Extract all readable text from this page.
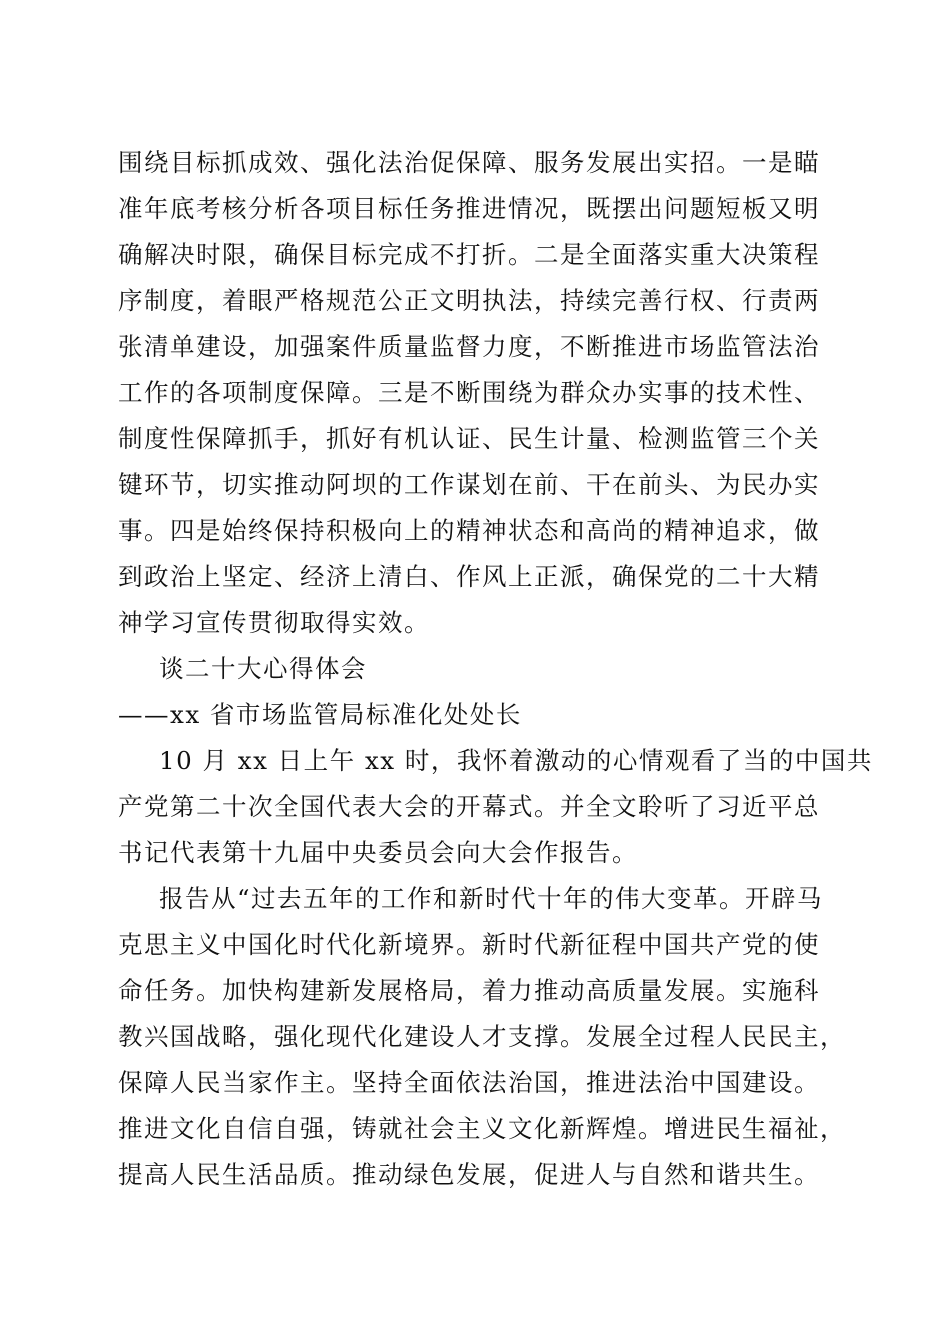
围绕目标抓成效、强化法治促保障、服务发展出实招。一是瞄
准年底考核分析各项目标任务推进情况，既摆出问题短板又明
确解决时限，确保目标完成不打折。二是全面落实重大决策程
序制度，着眼严格规范公正文明执法，持续完善行权、行责两
张清单建设，加强案件质量监督力度，不断推进市场监管法治
工作的各项制度保障。三是不断围绕为群众办实事的技术性、
制度性保障抓手，抓好有机认证、民生计量、检测监管三个关
键环节，切实推动阿坝的工作谋划在前、干在前头、为民办实
事。四是始终保持积极向上的精神状态和高尚的精神追求，做
到政治上坚定、经济上清白、作风上正派，确保党的二十大精
神学习宣传贯彻取得实效。
谈二十大心得体会
——xx 省市场监管局标准化处处长
10 月 xx 日上午 xx 时，我怀着激动的心情观看了当的中国共
产党第二十次全国代表大会的开幕式。并全文聆听了习近平总
书记代表第十九届中央委员会向大会作报告。
报告从“过去五年的工作和新时代十年的伟大变革。开辟马
克思主义中国化时代化新境界。新时代新征程中国共产党的使
命任务。加快构建新发展格局，着力推动高质量发展。实施科
教兴国战略，强化现代化建设人才支撑。发展全过程人民民主，
保障人民当家作主。坚持全面依法治国，推进法治中国建设。
推进文化自信自强，铸就社会主义文化新辉煌。增进民生福祉，
提高人民生活品质。推动绿色发展，促进人与自然和谐共生。
